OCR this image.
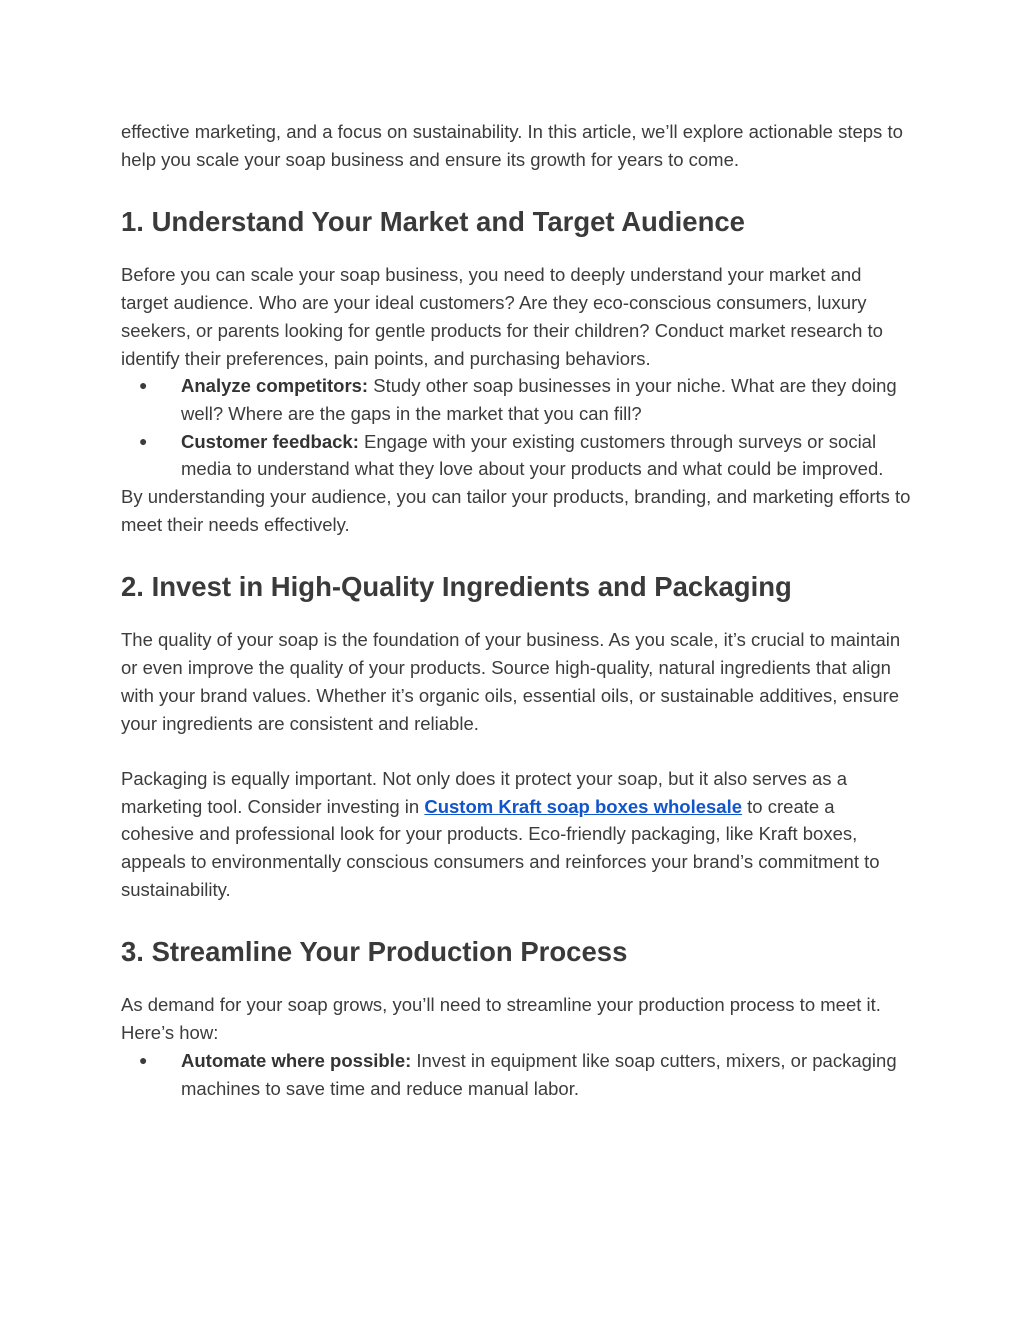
effective marketing, and a focus on sustainability. In this article, we’ll explore actionable steps to help you scale your soap business and ensure its growth for years to come.

1. Understand Your Market and Target Audience

Before you can scale your soap business, you need to deeply understand your market and target audience. Who are your ideal customers? Are they eco-conscious consumers, luxury seekers, or parents looking for gentle products for their children? Conduct market research to identify their preferences, pain points, and purchasing behaviors.

● Analyze competitors: Study other soap businesses in your niche. What are they doing well? Where are the gaps in the market that you can fill?
● Customer feedback: Engage with your existing customers through surveys or social media to understand what they love about your products and what could be improved.

By understanding your audience, you can tailor your products, branding, and marketing efforts to meet their needs effectively.

2. Invest in High-Quality Ingredients and Packaging

The quality of your soap is the foundation of your business. As you scale, it’s crucial to maintain or even improve the quality of your products. Source high-quality, natural ingredients that align with your brand values. Whether it’s organic oils, essential oils, or sustainable additives, ensure your ingredients are consistent and reliable.

Packaging is equally important. Not only does it protect your soap, but it also serves as a marketing tool. Consider investing in Custom Kraft soap boxes wholesale to create a cohesive and professional look for your products. Eco-friendly packaging, like Kraft boxes, appeals to environmentally conscious consumers and reinforces your brand’s commitment to sustainability.

3. Streamline Your Production Process

As demand for your soap grows, you’ll need to streamline your production process to meet it. Here’s how:

● Automate where possible: Invest in equipment like soap cutters, mixers, or packaging machines to save time and reduce manual labor.
